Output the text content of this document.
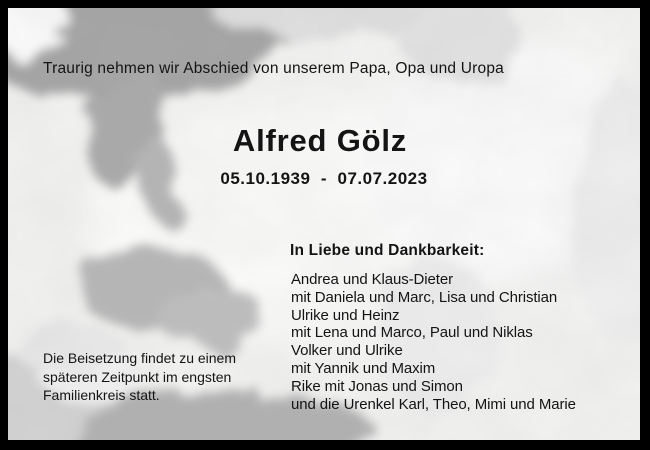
Traurig nehmen wir Abschied von unserem Papa, Opa und Uropa
Alfred Gölz
05.10.1939  -  07.07.2023
In Liebe und Dankbarkeit:
Andrea und Klaus-Dieter
mit Daniela und Marc, Lisa und Christian
Ulrike und Heinz
mit Lena und Marco, Paul und Niklas
Volker und Ulrike
mit Yannik und Maxim
Rike mit Jonas und Simon
und die Urenkel Karl, Theo, Mimi und Marie
Die Beisetzung findet zu einem
späteren Zeitpunkt im engsten
Familienkreis statt.
